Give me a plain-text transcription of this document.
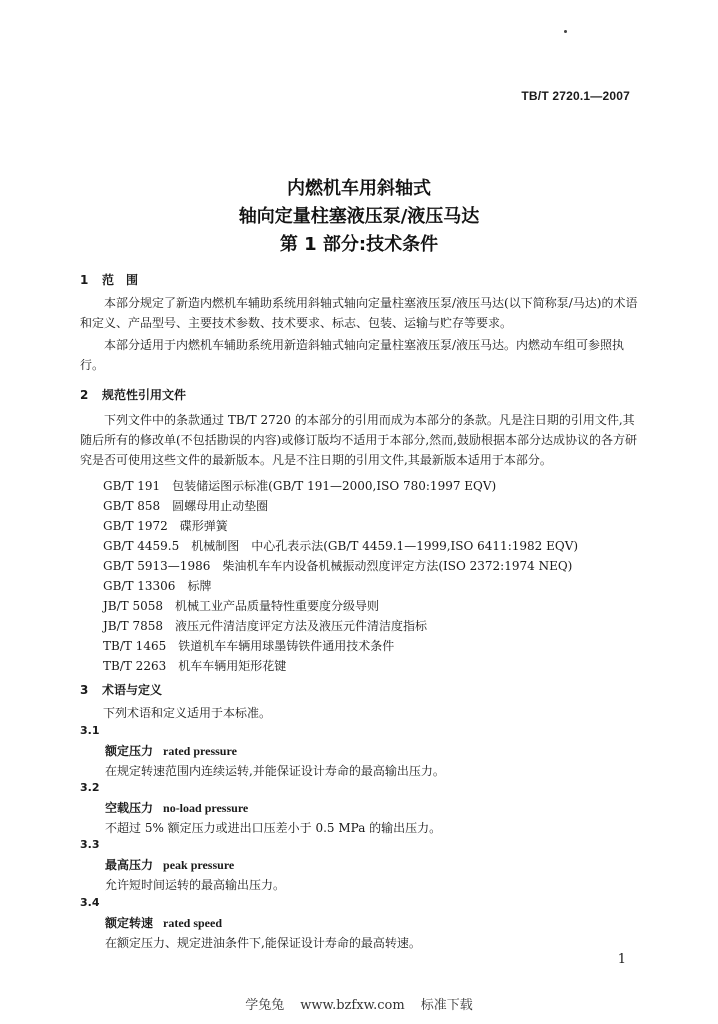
TB/T 2720.1—2007
内燃机车用斜轴式
轴向定量柱塞液压泵/液压马达
第 1 部分:技术条件
1 范　围
本部分规定了新造内燃机车辅助系统用斜轴式轴向定量柱塞液压泵/液压马达(以下简称泵/马达)的术语和定义、产品型号、主要技术参数、技术要求、标志、包装、运输与贮存等要求。
本部分适用于内燃机车辅助系统用新造斜轴式轴向定量柱塞液压泵/液压马达。内燃动车组可参照执行。
2 规范性引用文件
下列文件中的条款通过 TB/T 2720 的本部分的引用而成为本部分的条款。凡是注日期的引用文件,其随后所有的修改单(不包括勘误的内容)或修订版均不适用于本部分,然而,鼓励根据本部分达成协议的各方研究是否可使用这些文件的最新版本。凡是不注日期的引用文件,其最新版本适用于本部分。
GB/T 191　包装储运图示标准(GB/T 191—2000,ISO 780:1997 EQV)
GB/T 858　圆螺母用止动垫圈
GB/T 1972　碟形弹簧
GB/T 4459.5　机械制图　中心孔表示法(GB/T 4459.1—1999,ISO 6411:1982 EQV)
GB/T 5913—1986　柴油机车车内设备机械振动烈度评定方法(ISO 2372:1974 NEQ)
GB/T 13306　标牌
JB/T 5058　机械工业产品质量特性重要度分级导则
JB/T 7858　液压元件清洁度评定方法及液压元件清洁度指标
TB/T 1465　铁道机车车辆用球墨铸铁件通用技术条件
TB/T 2263　机车车辆用矩形花键
3 术语与定义
下列术语和定义适用于本标准。
3.1
额定压力 rated pressure
在规定转速范围内连续运转,并能保证设计寿命的最高输出压力。
3.2
空载压力 no-load pressure
不超过 5% 额定压力或进出口压差小于 0.5 MPa 的输出压力。
3.3
最高压力 peak pressure
允许短时间运转的最高输出压力。
3.4
额定转速 rated speed
在额定压力、规定进油条件下,能保证设计寿命的最高转速。
1
学兔兔 www.bzfxw.com 标准下载
